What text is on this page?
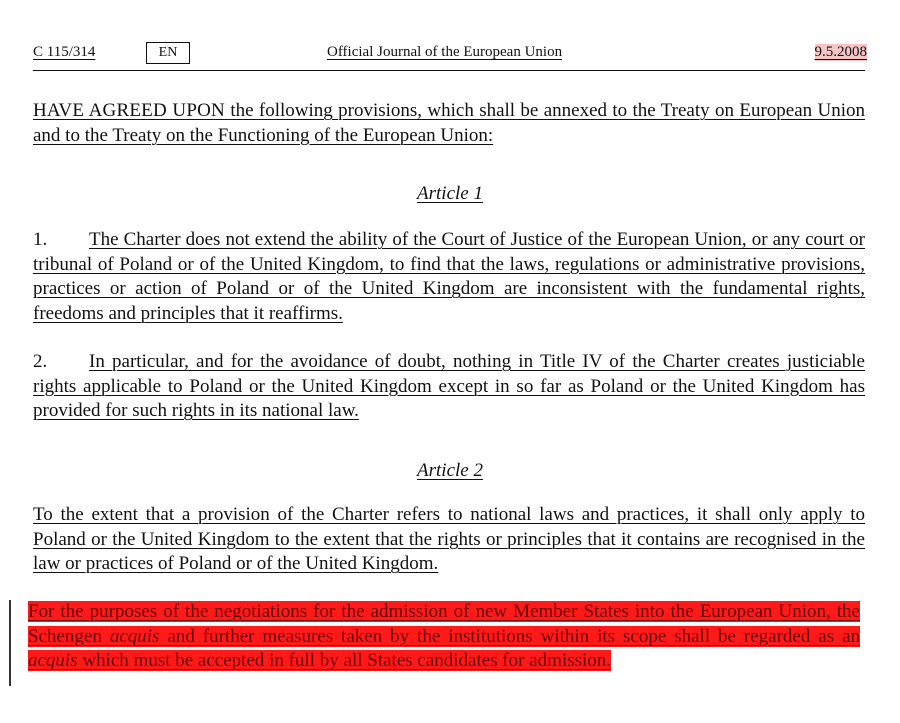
C 115/314	EN	Official Journal of the European Union	9.5.2008
HAVE AGREED UPON the following provisions, which shall be annexed to the Treaty on European Union and to the Treaty on the Functioning of the European Union:
Article 1
1. The Charter does not extend the ability of the Court of Justice of the European Union, or any court or tribunal of Poland or of the United Kingdom, to find that the laws, regulations or administrative provisions, practices or action of Poland or of the United Kingdom are inconsistent with the fundamental rights, freedoms and principles that it reaffirms.
2. In particular, and for the avoidance of doubt, nothing in Title IV of the Charter creates justiciable rights applicable to Poland or the United Kingdom except in so far as Poland or the United Kingdom has provided for such rights in its national law.
Article 2
To the extent that a provision of the Charter refers to national laws and practices, it shall only apply to Poland or the United Kingdom to the extent that the rights or principles that it contains are recognised in the law or practices of Poland or of the United Kingdom.
For the purposes of the negotiations for the admission of new Member States into the European Union, the Schengen acquis and further measures taken by the institutions within its scope shall be regarded as an acquis which must be accepted in full by all States candidates for admission.
